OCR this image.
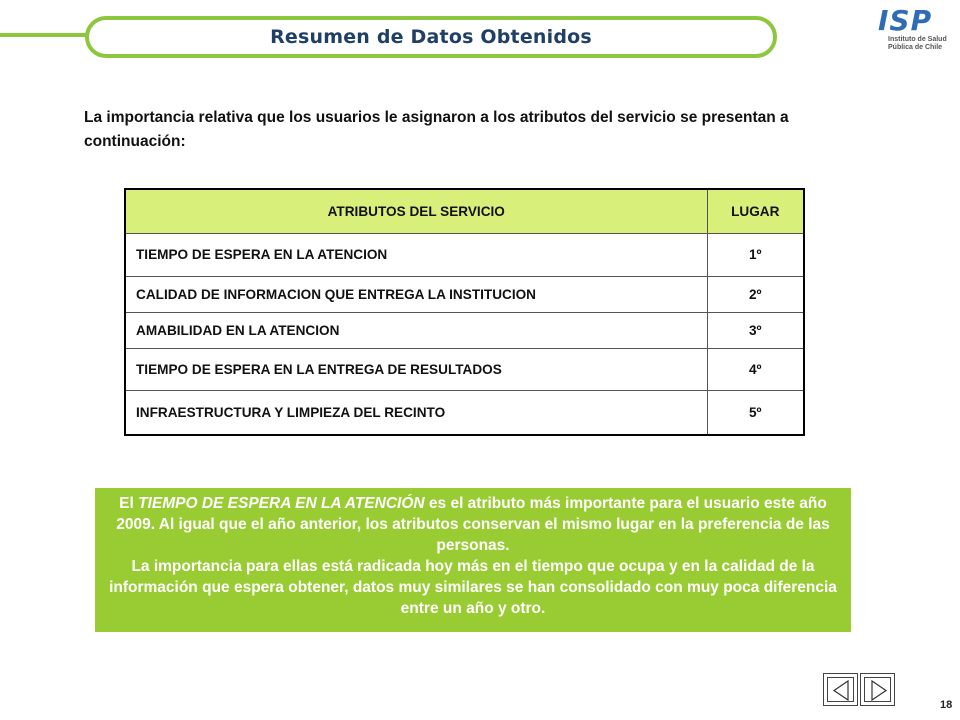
Resumen de Datos Obtenidos	ISP
Instituto de Salud
Pública de Chile

La importancia relativa que los usuarios le asignaron a los atributos del servicio se presentan a continuación:

ATRIBUTOS DEL SERVICIO	LUGAR
TIEMPO DE ESPERA EN LA ATENCION	1º
CALIDAD DE INFORMACION QUE ENTREGA LA INSTITUCION	2º
AMABILIDAD EN LA ATENCION	3º
TIEMPO DE ESPERA EN LA ENTREGA DE RESULTADOS	4º
INFRAESTRUCTURA Y LIMPIEZA DEL RECINTO	5º

El TIEMPO DE ESPERA EN LA ATENCIÓN es el atributo más importante para el usuario este año 2009. Al igual que el año anterior, los atributos conservan el mismo lugar en la preferencia de las personas.

La importancia para ellas está radicada hoy más en el tiempo que ocupa y en la calidad de la información que espera obtener, datos muy similares se han consolidado con muy poca diferencia entre un año y otro.

18
